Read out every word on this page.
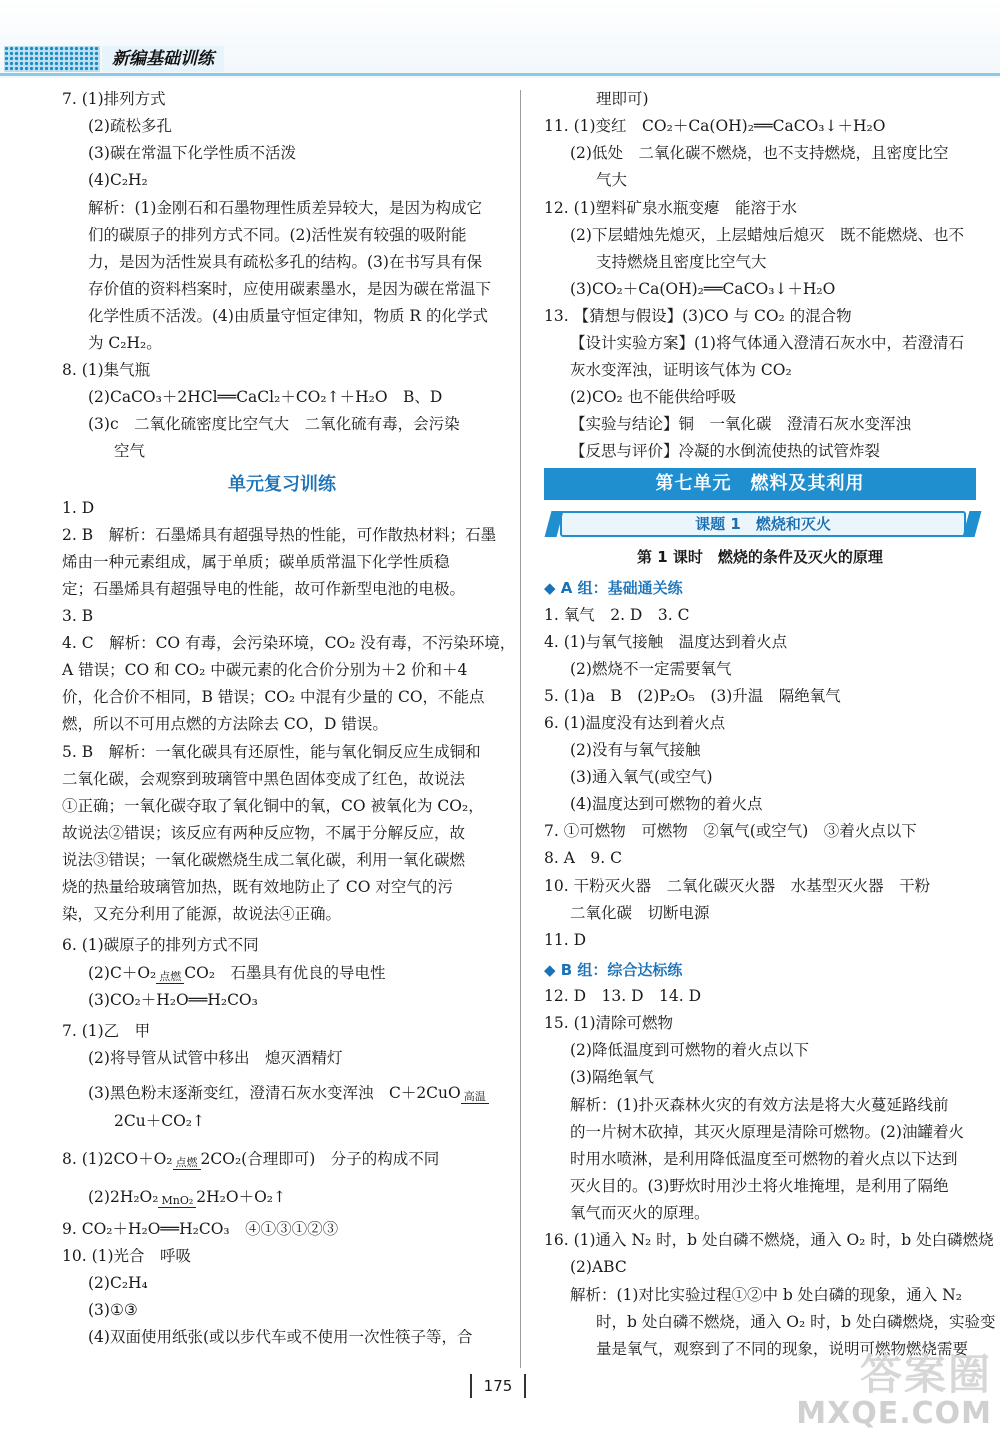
新编基础训练
7. (1)排列方式
(2)疏松多孔
(3)碳在常温下化学性质不活泼
(4)C₂H₂
解析：(1)金刚石和石墨物理性质差异较大，是因为构成它
们的碳原子的排列方式不同。(2)活性炭有较强的吸附能
力，是因为活性炭具有疏松多孔的结构。(3)在书写具有保
存价值的资料档案时，应使用碳素墨水，是因为碳在常温下
化学性质不活泼。(4)由质量守恒定律知，物质 R 的化学式
为 C₂H₂。
8. (1)集气瓶
(2)CaCO₃＋2HCl══CaCl₂＋CO₂↑＋H₂O　B、D
(3)c　二氧化硫密度比空气大　二氧化硫有毒，会污染
空气
单元复习训练
1. D
2. B　解析：石墨烯具有超强导热的性能，可作散热材料；石墨
烯由一种元素组成，属于单质；碳单质常温下化学性质稳
定；石墨烯具有超强导电的性能，故可作新型电池的电极。
3. B
4. C　解析：CO 有毒，会污染环境，CO₂ 没有毒，不污染环境，
A 错误；CO 和 CO₂ 中碳元素的化合价分别为＋2 价和＋4
价，化合价不相同，B 错误；CO₂ 中混有少量的 CO，不能点
燃，所以不可用点燃的方法除去 CO，D 错误。
5. B　解析：一氧化碳具有还原性，能与氧化铜反应生成铜和
二氧化碳，会观察到玻璃管中黑色固体变成了红色，故说法
①正确；一氧化碳夺取了氧化铜中的氧，CO 被氧化为 CO₂，
故说法②错误；该反应有两种反应物，不属于分解反应，故
说法③错误；一氧化碳燃烧生成二氧化碳，利用一氧化碳燃
烧的热量给玻璃管加热，既有效地防止了 CO 对空气的污
染，又充分利用了能源，故说法④正确。
6. (1)碳原子的排列方式不同
(2)C＋O₂ 点燃 CO₂　石墨具有优良的导电性
(3)CO₂＋H₂O══H₂CO₃
7. (1)乙　甲
(2)将导管从试管中移出　熄灭酒精灯
(3)黑色粉末逐渐变红，澄清石灰水变浑浊　C＋2CuO 高温
2Cu＋CO₂↑
8. (1)2CO＋O₂ 点燃 2CO₂(合理即可)　分子的构成不同
(2)2H₂O₂ MnO₂ 2H₂O＋O₂↑
9. CO₂＋H₂O══H₂CO₃　④①③①②③
10. (1)光合　呼吸
(2)C₂H₄
(3)①③
(4)双面使用纸张(或以步代车或不使用一次性筷子等，合
理即可)
11. (1)变红　CO₂＋Ca(OH)₂══CaCO₃↓＋H₂O
(2)低处　二氧化碳不燃烧，也不支持燃烧，且密度比空
气大
12. (1)塑料矿泉水瓶变瘪　能溶于水
(2)下层蜡烛先熄灭，上层蜡烛后熄灭　既不能燃烧、也不
支持燃烧且密度比空气大
(3)CO₂＋Ca(OH)₂══CaCO₃↓＋H₂O
13. 【猜想与假设】(3)CO 与 CO₂ 的混合物
【设计实验方案】(1)将气体通入澄清石灰水中，若澄清石
灰水变浑浊，证明该气体为 CO₂
(2)CO₂ 也不能供给呼吸
【实验与结论】铜　一氧化碳　澄清石灰水变浑浊
【反思与评价】冷凝的水倒流使热的试管炸裂
第七单元　燃料及其利用
课题 1　燃烧和灭火
第 1 课时　燃烧的条件及灭火的原理
◆ A 组：基础通关练
1. 氧气　2. D　3. C
4. (1)与氧气接触　温度达到着火点
(2)燃烧不一定需要氧气
5. (1)a　B　(2)P₂O₅　(3)升温　隔绝氧气
6. (1)温度没有达到着火点
(2)没有与氧气接触
(3)通入氧气(或空气)
(4)温度达到可燃物的着火点
7. ①可燃物　可燃物　②氧气(或空气)　③着火点以下
8. A　9. C
10. 干粉灭火器　二氧化碳灭火器　水基型灭火器　干粉
二氧化碳　切断电源
11. D
◆ B 组：综合达标练
12. D　13. D　14. D
15. (1)清除可燃物
(2)降低温度到可燃物的着火点以下
(3)隔绝氧气
解析：(1)扑灭森林火灾的有效方法是将大火蔓延路线前
的一片树木砍掉，其灭火原理是清除可燃物。(2)油罐着火
时用水喷淋，是利用降低温度至可燃物的着火点以下达到
灭火目的。(3)野炊时用沙土将火堆掩埋，是利用了隔绝
氧气而灭火的原理。
16. (1)通入 N₂ 时，b 处白磷不燃烧，通入 O₂ 时，b 处白磷燃烧
(2)ABC
解析：(1)对比实验过程①②中 b 处白磷的现象，通入 N₂
时，b 处白磷不燃烧，通入 O₂ 时，b 处白磷燃烧，实验变
量是氧气，观察到了不同的现象，说明可燃物燃烧需要
175	答案圈
MXQE.COM
